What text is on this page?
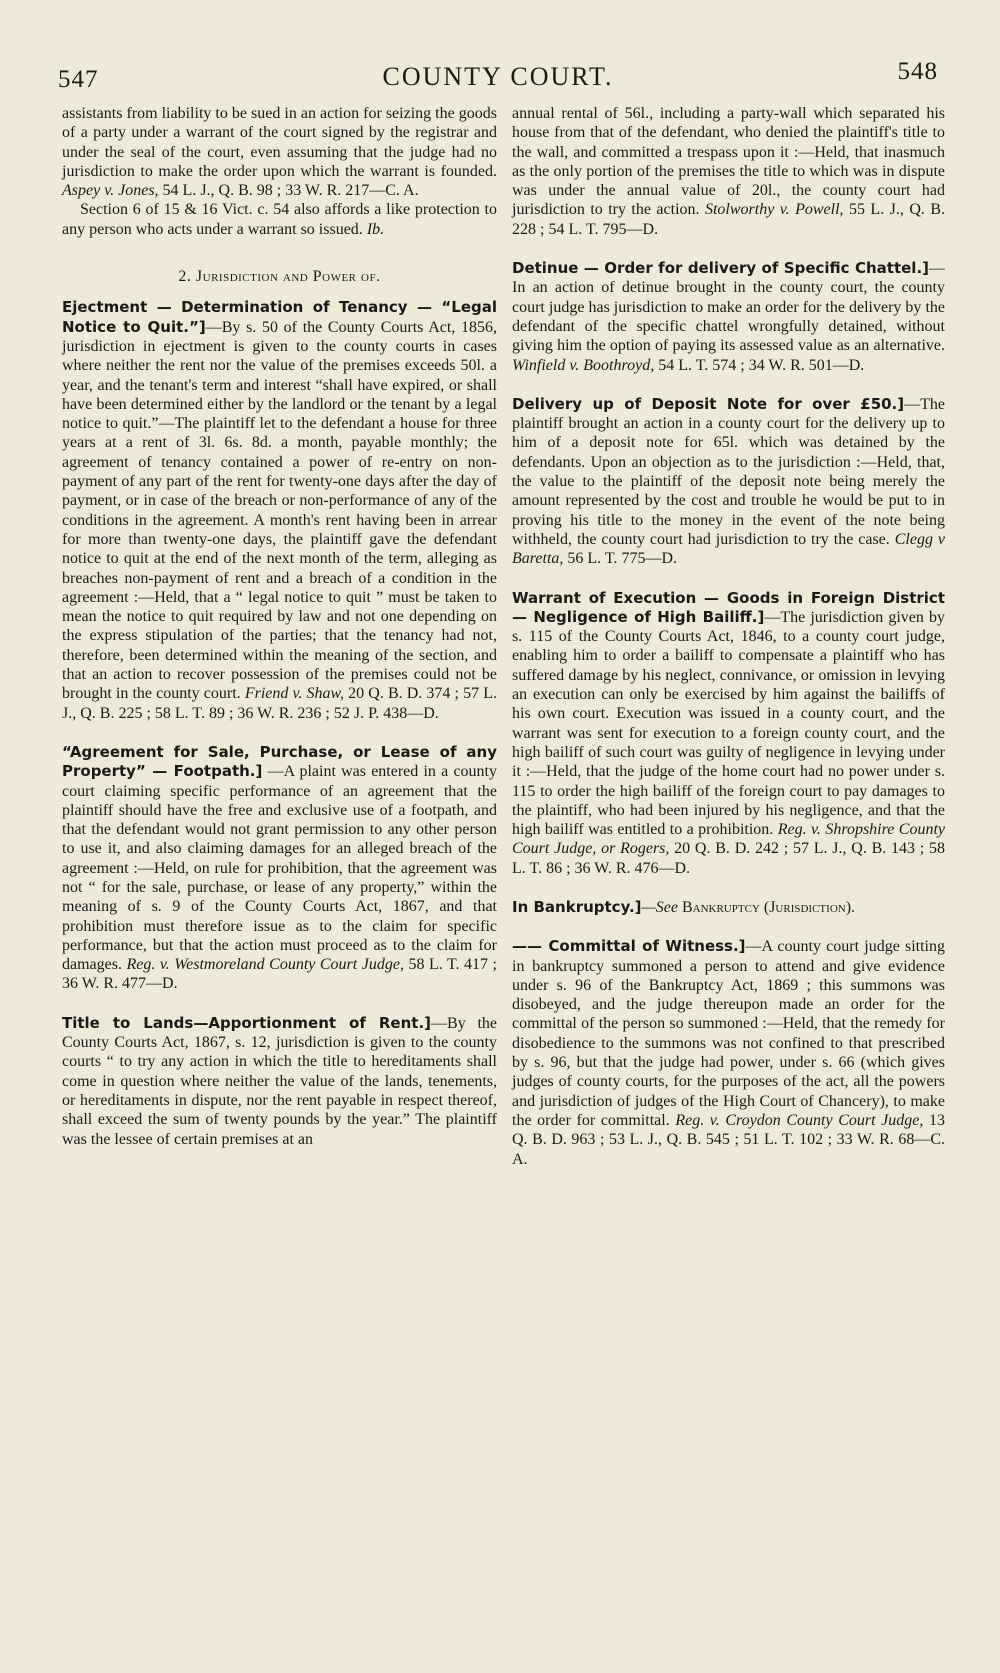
547	COUNTY COURT.	548

assistants from liability to be sued in an action for seizing the goods of a party under a warrant of the court signed by the registrar and under the seal of the court, even assuming that the judge had no jurisdiction to make the order upon which the warrant is founded. Aspey v. Jones, 54 L. J., Q. B. 98 ; 33 W. R. 217—C. A.

Section 6 of 15 & 16 Vict. c. 54 also affords a like protection to any person who acts under a warrant so issued. Ib.

2. Jurisdiction and Power of.

Ejectment — Determination of Tenancy — “Legal Notice to Quit.”]—By s. 50 of the County Courts Act, 1856, jurisdiction in ejectment is given to the county courts in cases where neither the rent nor the value of the premises exceeds 50l. a year, and the tenant's term and interest “shall have expired, or shall have been determined either by the landlord or the tenant by a legal notice to quit.”—The plaintiff let to the defendant a house for three years at a rent of 3l. 6s. 8d. a month, payable monthly; the agreement of tenancy contained a power of re-entry on non-payment of any part of the rent for twenty-one days after the day of payment, or in case of the breach or non-performance of any of the conditions in the agreement. A month's rent having been in arrear for more than twenty-one days, the plaintiff gave the defendant notice to quit at the end of the next month of the term, alleging as breaches non-payment of rent and a breach of a condition in the agreement :—Held, that a “ legal notice to quit ” must be taken to mean the notice to quit required by law and not one depending on the express stipulation of the parties; that the tenancy had not, therefore, been determined within the meaning of the section, and that an action to recover possession of the premises could not be brought in the county court. Friend v. Shaw, 20 Q. B. D. 374 ; 57 L. J., Q. B. 225 ; 58 L. T. 89 ; 36 W. R. 236 ; 52 J. P. 438—D.

“Agreement for Sale, Purchase, or Lease of any Property” — Footpath.] —A plaint was entered in a county court claiming specific performance of an agreement that the plaintiff should have the free and exclusive use of a footpath, and that the defendant would not grant permission to any other person to use it, and also claiming damages for an alleged breach of the agreement :—Held, on rule for prohibition, that the agreement was not “ for the sale, purchase, or lease of any property,” within the meaning of s. 9 of the County Courts Act, 1867, and that prohibition must therefore issue as to the claim for specific performance, but that the action must proceed as to the claim for damages. Reg. v. Westmoreland County Court Judge, 58 L. T. 417 ; 36 W. R. 477—D.

Title to Lands—Apportionment of Rent.]—By the County Courts Act, 1867, s. 12, jurisdiction is given to the county courts “ to try any action in which the title to hereditaments shall come in question where neither the value of the lands, tenements, or hereditaments in dispute, nor the rent payable in respect thereof, shall exceed the sum of twenty pounds by the year.” The plaintiff was the lessee of certain premises at an

annual rental of 56l., including a party-wall which separated his house from that of the defendant, who denied the plaintiff's title to the wall, and committed a trespass upon it :—Held, that inasmuch as the only portion of the premises the title to which was in dispute was under the annual value of 20l., the county court had jurisdiction to try the action. Stolworthy v. Powell, 55 L. J., Q. B. 228 ; 54 L. T. 795—D.

Detinue — Order for delivery of Specific Chattel.]—In an action of detinue brought in the county court, the county court judge has jurisdiction to make an order for the delivery by the defendant of the specific chattel wrongfully detained, without giving him the option of paying its assessed value as an alternative. Winfield v. Boothroyd, 54 L. T. 574 ; 34 W. R. 501—D.

Delivery up of Deposit Note for over £50.]—The plaintiff brought an action in a county court for the delivery up to him of a deposit note for 65l. which was detained by the defendants. Upon an objection as to the jurisdiction :—Held, that, the value to the plaintiff of the deposit note being merely the amount represented by the cost and trouble he would be put to in proving his title to the money in the event of the note being withheld, the county court had jurisdiction to try the case. Clegg v Baretta, 56 L. T. 775—D.

Warrant of Execution — Goods in Foreign District — Negligence of High Bailiff.]—The jurisdiction given by s. 115 of the County Courts Act, 1846, to a county court judge, enabling him to order a bailiff to compensate a plaintiff who has suffered damage by his neglect, connivance, or omission in levying an execution can only be exercised by him against the bailiffs of his own court. Execution was issued in a county court, and the warrant was sent for execution to a foreign county court, and the high bailiff of such court was guilty of negligence in levying under it :—Held, that the judge of the home court had no power under s. 115 to order the high bailiff of the foreign court to pay damages to the plaintiff, who had been injured by his negligence, and that the high bailiff was entitled to a prohibition. Reg. v. Shropshire County Court Judge, or Rogers, 20 Q. B. D. 242 ; 57 L. J., Q. B. 143 ; 58 L. T. 86 ; 36 W. R. 476—D.

In Bankruptcy.]—See Bankruptcy (Jurisdiction).

—— Committal of Witness.]—A county court judge sitting in bankruptcy summoned a person to attend and give evidence under s. 96 of the Bankruptcy Act, 1869 ; this summons was disobeyed, and the judge thereupon made an order for the committal of the person so summoned :—Held, that the remedy for disobedience to the summons was not confined to that prescribed by s. 96, but that the judge had power, under s. 66 (which gives judges of county courts, for the purposes of the act, all the powers and jurisdiction of judges of the High Court of Chancery), to make the order for committal. Reg. v. Croydon County Court Judge, 13 Q. B. D. 963 ; 53 L. J., Q. B. 545 ; 51 L. T. 102 ; 33 W. R. 68—C. A.
